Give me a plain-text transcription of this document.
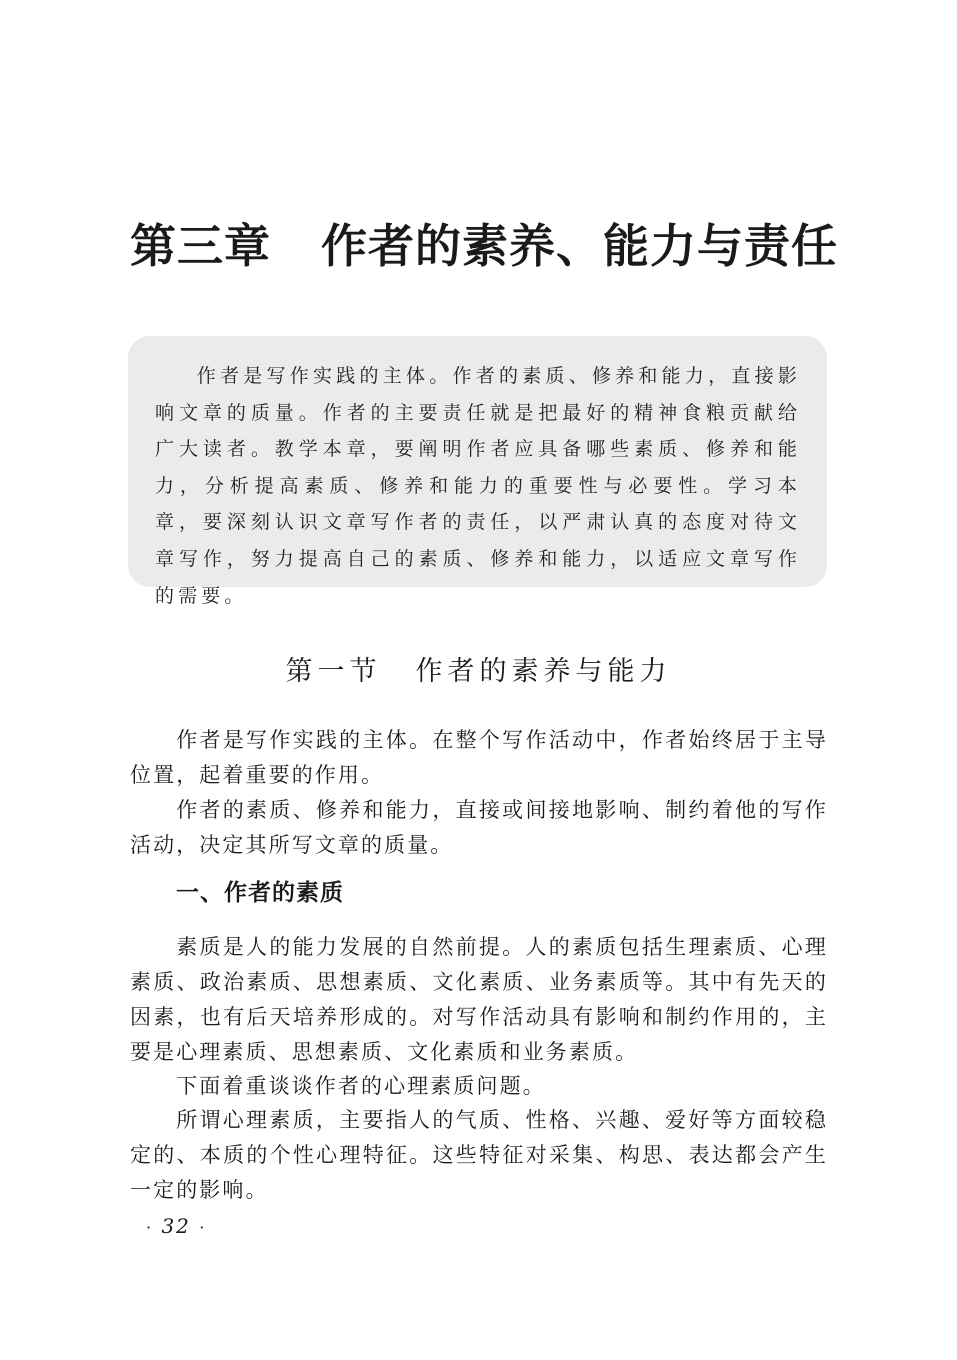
第三章 作者的素养、能力与责任

作者是写作实践的主体。作者的素质、修养和能力，直接影响文章的质量。作者的主要责任就是把最好的精神食粮贡献给广大读者。教学本章，要阐明作者应具备哪些素质、修养和能力，分析提高素质、修养和能力的重要性与必要性。学习本章，要深刻认识文章写作者的责任，以严肃认真的态度对待文章写作，努力提高自己的素质、修养和能力，以适应文章写作的需要。

第一节 作者的素养与能力

作者是写作实践的主体。在整个写作活动中，作者始终居于主导位置，起着重要的作用。

作者的素质、修养和能力，直接或间接地影响、制约着他的写作活动，决定其所写文章的质量。

一、作者的素质

素质是人的能力发展的自然前提。人的素质包括生理素质、心理素质、政治素质、思想素质、文化素质、业务素质等。其中有先天的因素，也有后天培养形成的。对写作活动具有影响和制约作用的，主要是心理素质、思想素质、文化素质和业务素质。

下面着重谈谈作者的心理素质问题。

所谓心理素质，主要指人的气质、性格、兴趣、爱好等方面较稳定的、本质的个性心理特征。这些特征对采集、构思、表达都会产生一定的影响。

· 32 ·
